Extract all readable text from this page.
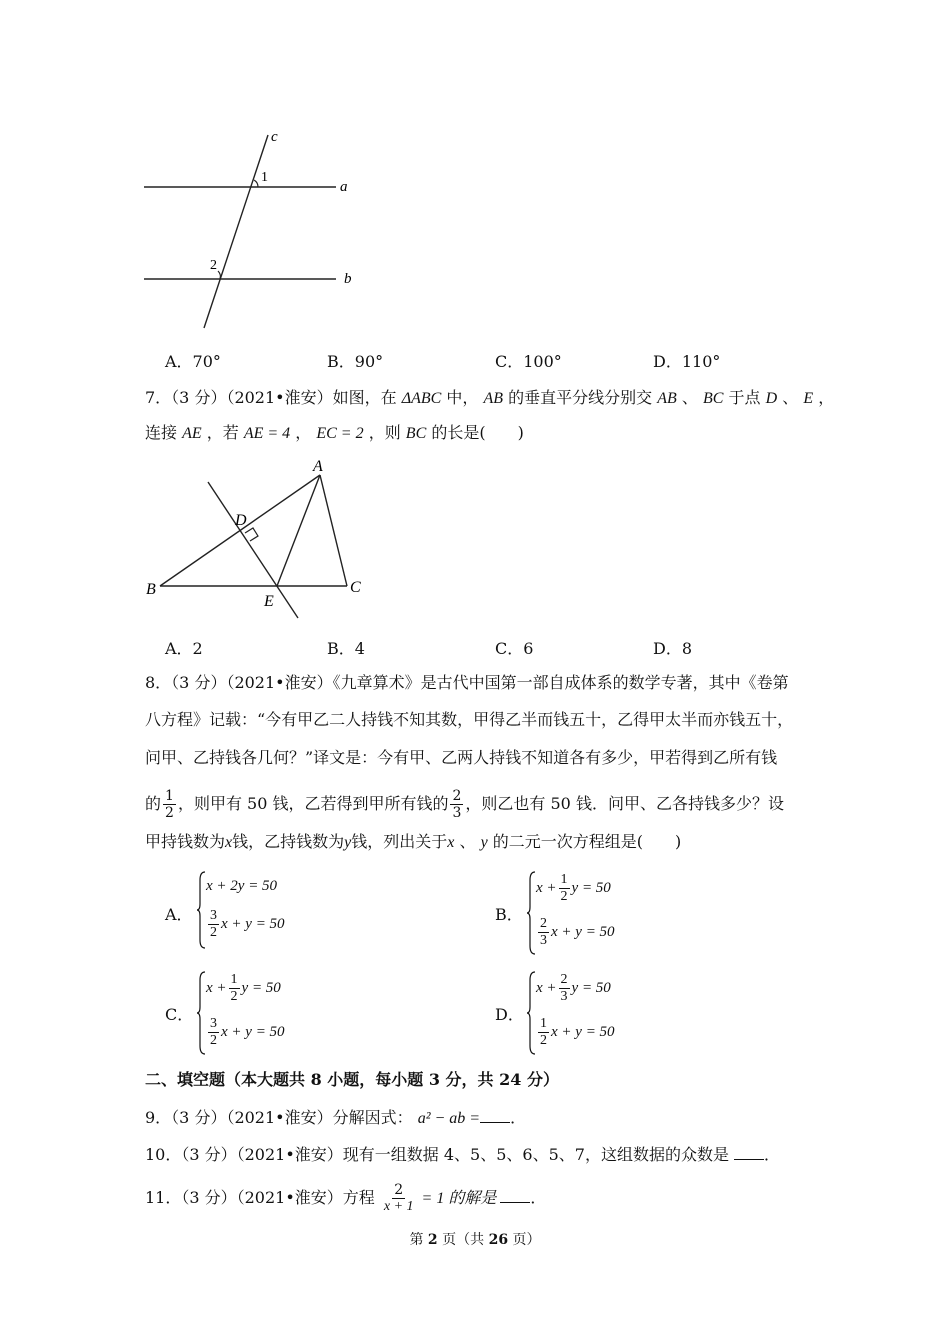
c
a
b
1
2
A．70°	B．90°	C．100°	D．110°
7．（3 分）（2021•淮安）如图，在 ΔABC 中， AB 的垂直平分线分别交 AB 、 BC 于点 D 、 E ，
连接 AE ，若 AE = 4 ， EC = 2 ，则 BC 的长是(　　)
A
B	C
D
E
A．2	B．4	C．6	D．8
8．（3 分）（2021•淮安）《九章算术》是古代中国第一部自成体系的数学专著，其中《卷第
八方程》记载：“今有甲乙二人持钱不知其数，甲得乙半而钱五十，乙得甲太半而亦钱五十，
问甲、乙持钱各几何？”译文是：今有甲、乙两人持钱不知道各有多少，甲若得到乙所有钱
的 $\frac{1}{2}$ ，则甲有 50 钱，乙若得到甲所有钱的 $\frac{2}{3}$ ，则乙也有 50 钱．问甲、乙各持钱多少？设
甲持钱数为x钱，乙持钱数为y钱，列出关于x 、 y 的二元一次方程组是(　　)
A．
x + 2y = 50
$\frac{3}{2}$ x + y = 50	B．
$x + \frac{1}{2}$ y = 50
$\frac{2}{3}$ x + y = 50
C．
$x + \frac{1}{2}$ y = 50
$\frac{3}{2}$ x + y = 50
D．
$x + \frac{2}{3}$ y = 50
$\frac{1}{2}$ x + y = 50
二、填空题（本大题共 8 小题，每小题 3 分，共 24 分）
9．（3 分）（2021•淮安）分解因式： a² − ab = ．
10．（3 分）（2021•淮安）现有一组数据 4、5、5、6、5、7，这组数据的众数是 ．
11．（3 分）（2021•淮安）方程 $\frac{2}{x + 1} = 1$ 的解是 ．
第 2 页（共 26 页）
